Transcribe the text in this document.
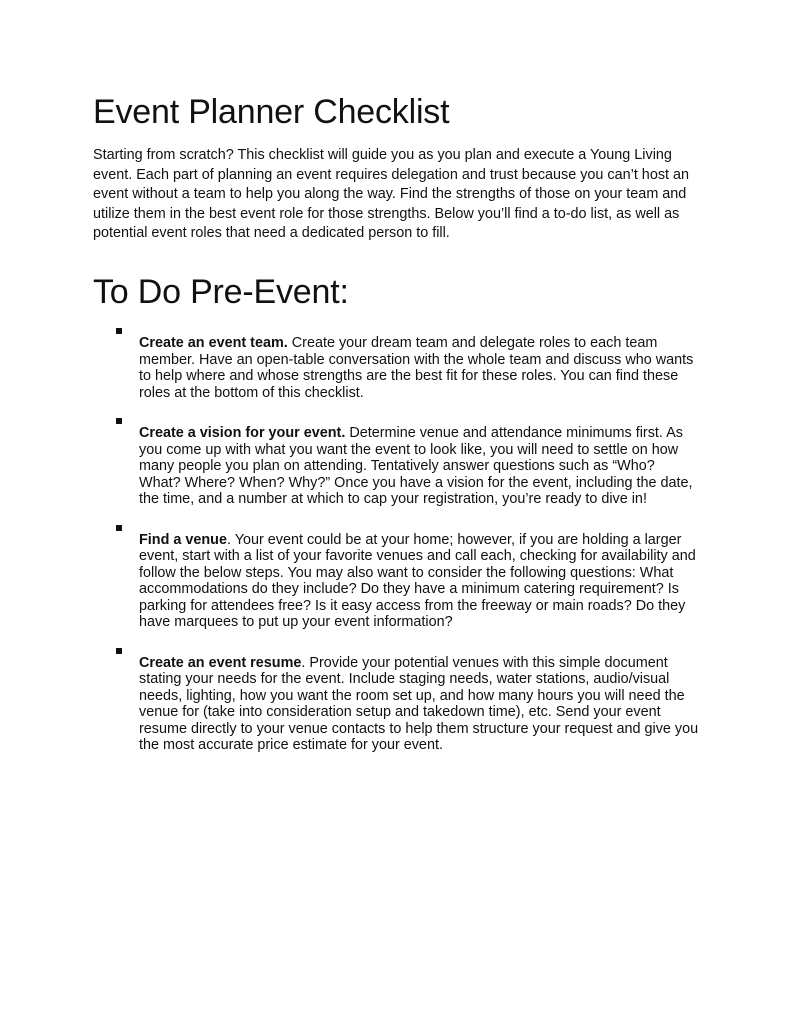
Event Planner Checklist

Starting from scratch? This checklist will guide you as you plan and execute a Young Living event. Each part of planning an event requires delegation and trust because you can’t host an event without a team to help you along the way. Find the strengths of those on your team and utilize them in the best event role for those strengths. Below you’ll find a to-do list, as well as potential event roles that need a dedicated person to fill.

To Do Pre-Event:
Create an event team. Create your dream team and delegate roles to each team member. Have an open-table conversation with the whole team and discuss who wants to help where and whose strengths are the best fit for these roles. You can find these roles at the bottom of this checklist.
Create a vision for your event. Determine venue and attendance minimums first. As you come up with what you want the event to look like, you will need to settle on how many people you plan on attending. Tentatively answer questions such as “Who? What? Where? When? Why?” Once you have a vision for the event, including the date, the time, and a number at which to cap your registration, you’re ready to dive in!
Find a venue. Your event could be at your home; however, if you are holding a larger event, start with a list of your favorite venues and call each, checking for availability and follow the below steps. You may also want to consider the following questions: What accommodations do they include? Do they have a minimum catering requirement? Is parking for attendees free? Is it easy access from the freeway or main roads? Do they have marquees to put up your event information?
Create an event resume. Provide your potential venues with this simple document stating your needs for the event. Include staging needs, water stations, audio/visual needs, lighting, how you want the room set up, and how many hours you will need the venue for (take into consideration setup and takedown time), etc. Send your event resume directly to your venue contacts to help them structure your request and give you the most accurate price estimate for your event.
